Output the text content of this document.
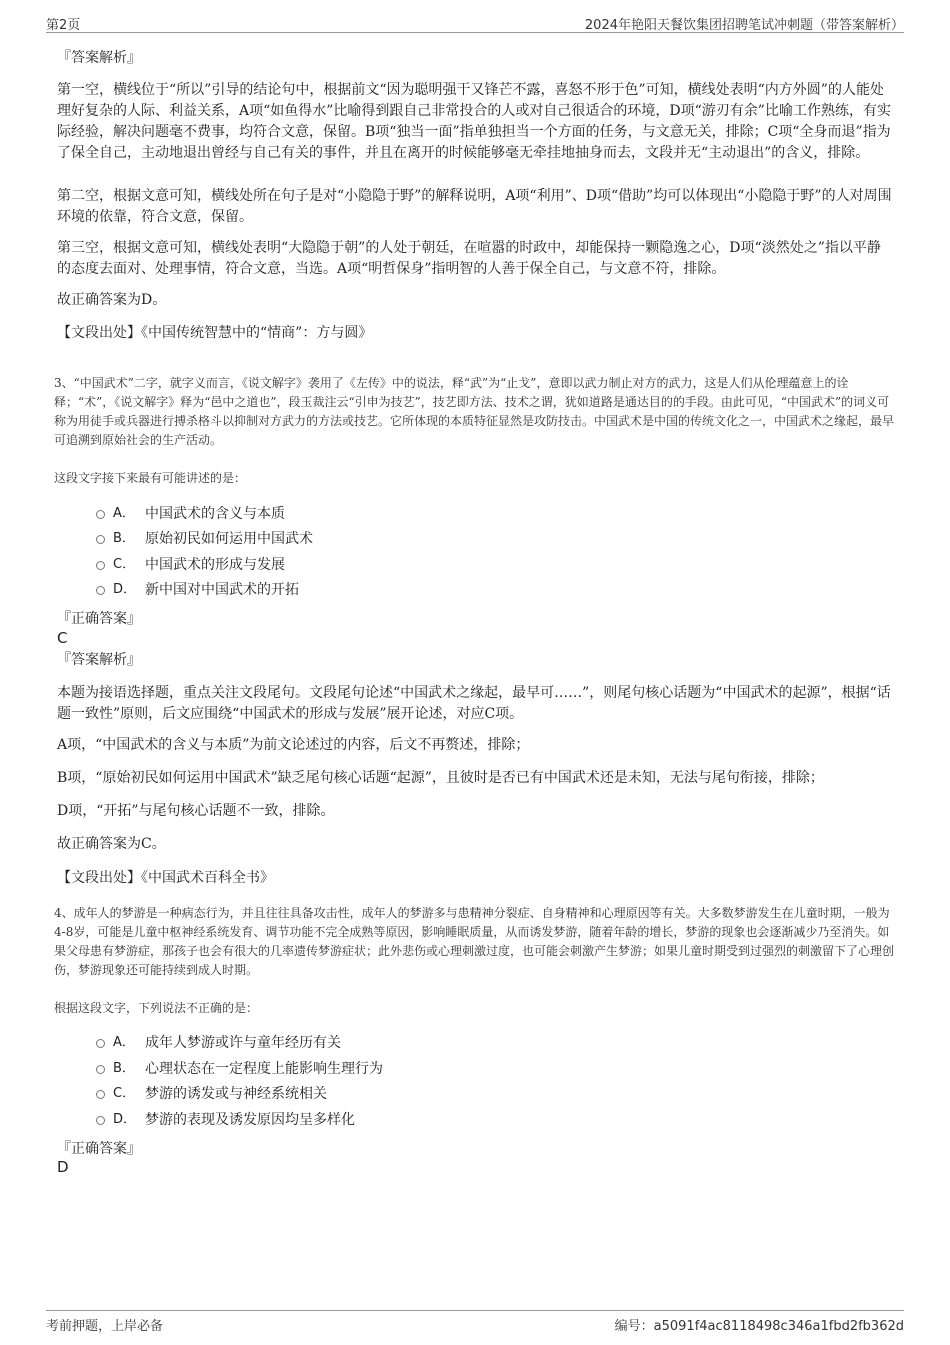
第2页	2024年艳阳天餐饮集团招聘笔试冲刺题（带答案解析）

『答案解析』

第一空，横线位于“所以”引导的结论句中，根据前文“因为聪明强干又锋芒不露，喜怒不形于色”可知，横线处表明“内方外圆”的人能处理好复杂的人际、利益关系，A项“如鱼得水”比喻得到跟自己非常投合的人或对自己很适合的环境，D项“游刃有余”比喻工作熟练，有实际经验，解决问题毫不费事，均符合文意，保留。B项“独当一面”指单独担当一个方面的任务，与文意无关，排除；C项“全身而退”指为了保全自己，主动地退出曾经与自己有关的事件，并且在离开的时候能够毫无牵挂地抽身而去，文段并无“主动退出”的含义，排除。

第二空，根据文意可知，横线处所在句子是对“小隐隐于野”的解释说明，A项“利用”、D项“借助”均可以体现出“小隐隐于野”的人对周围环境的依靠，符合文意，保留。

第三空，根据文意可知，横线处表明“大隐隐于朝”的人处于朝廷，在喧嚣的时政中，却能保持一颗隐逸之心，D项“淡然处之”指以平静的态度去面对、处理事情，符合文意，当选。A项“明哲保身”指明智的人善于保全自己，与文意不符，排除。

故正确答案为D。

【文段出处】《中国传统智慧中的“情商”：方与圆》

3、“中国武术”二字，就字义而言，《说文解字》袭用了《左传》中的说法，释“武”为“止戈”，意即以武力制止对方的武力，这是人们从伦理蕴意上的诠释；“术”，《说文解字》释为“邑中之道也”，段玉裁注云“引申为技艺”，技艺即方法、技术之谓，犹如道路是通达目的的手段。由此可见，“中国武术”的词义可称为用徒手或兵器进行搏杀格斗以抑制对方武力的方法或技艺。它所体现的本质特征显然是攻防技击。中国武术是中国的传统文化之一，中国武术之缘起，最早可追溯到原始社会的生产活动。

这段文字接下来最有可能讲述的是：

A． 中国武术的含义与本质
B． 原始初民如何运用中国武术
C． 中国武术的形成与发展
D． 新中国对中国武术的开拓

『正确答案』

C

『答案解析』

本题为接语选择题，重点关注文段尾句。文段尾句论述“中国武术之缘起，最早可……”，则尾句核心话题为“中国武术的起源”，根据“话题一致性”原则，后文应围绕“中国武术的形成与发展”展开论述，对应C项。

A项，“中国武术的含义与本质”为前文论述过的内容，后文不再赘述，排除；

B项，“原始初民如何运用中国武术”缺乏尾句核心话题“起源”，且彼时是否已有中国武术还是未知，无法与尾句衔接，排除；

D项，“开拓”与尾句核心话题不一致，排除。

故正确答案为C。

【文段出处】《中国武术百科全书》

4、成年人的梦游是一种病态行为，并且往往具备攻击性，成年人的梦游多与患精神分裂症、自身精神和心理原因等有关。大多数梦游发生在儿童时期，一般为4-8岁，可能是儿童中枢神经系统发育、调节功能不完全成熟等原因，影响睡眠质量，从而诱发梦游，随着年龄的增长，梦游的现象也会逐渐减少乃至消失。如果父母患有梦游症，那孩子也会有很大的几率遗传梦游症状；此外悲伤或心理刺激过度，也可能会刺激产生梦游；如果儿童时期受到过强烈的刺激留下了心理创伤，梦游现象还可能持续到成人时期。

根据这段文字，下列说法不正确的是：

A． 成年人梦游或许与童年经历有关
B． 心理状态在一定程度上能影响生理行为
C． 梦游的诱发或与神经系统相关
D． 梦游的表现及诱发原因均呈多样化

『正确答案』

D

考前押题，上岸必备	编号：a5091f4ac8118498c346a1fbd2fb362d
